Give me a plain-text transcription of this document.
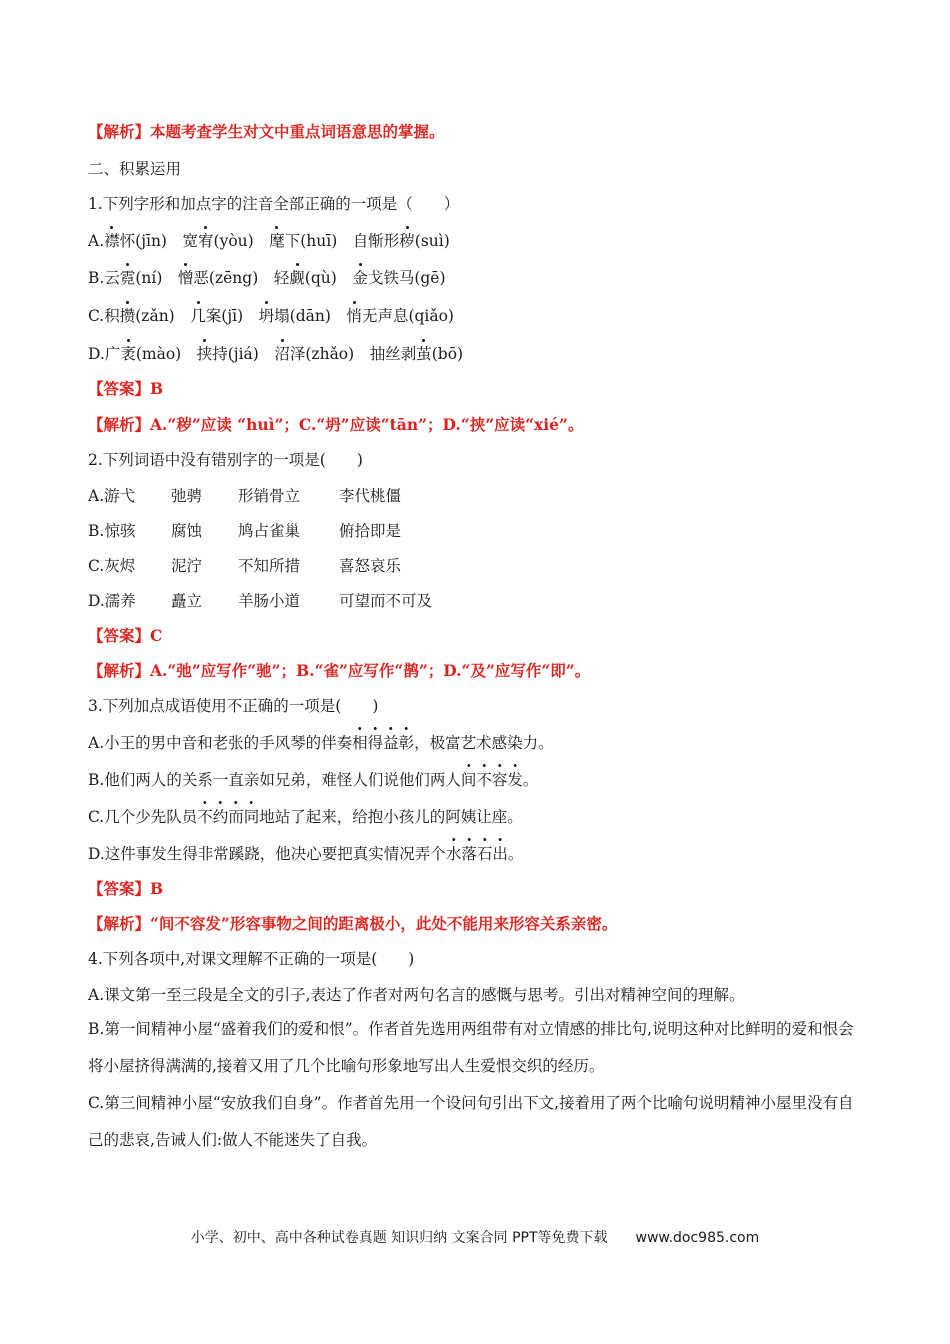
【解析】本题考查学生对文中重点词语意思的掌握。
二、积累运用
1.下列字形和加点字的注音全部正确的一项是（　　）
A.襟怀(jīn)　宽宥(yòu)　 麾下(huī)　自惭形秽(suì)
B.云霓(ní)　 憎恶(zēng)　轻觑(qù)　 金戈铁马(gē)
C.积攒(zǎn)　 几案(jī)　 坍塌(dān)　 悄无声息(qiǎo)
D.广袤(mào)　 挟持(jiá)　 沼泽(zhǎo)　抽丝剥茧(bō)
【答案】B
【解析】A.“秽”应读 “huì”；C.“坍”应读“tān”；D.“挟”应读“xié”。
2.下列词语中没有错别字的一项是(　　)
A.游弋 弛骋 形销骨立	李代桃僵
B.惊骇 腐蚀 鸠占雀巢	俯拾即是
C.灰烬 泥泞 不知所措	喜怒哀乐
D.濡养 矗立 羊肠小道	可望而不可及
【答案】C
【解析】A.“弛”应写作“驰”；B.“雀”应写作“鹊”；D.“及”应写作“即”。
3.下列加点成语使用不正确的一项是(　　)
A.小王的男中音和老张的手风琴的伴奏相得益彰，极富艺术感染力。
B.他们两人的关系一直亲如兄弟，难怪人们说他们两人间不容发。
C.几个少先队员不约而同地站了起来，给抱小孩儿的阿姨让座。
D.这件事发生得非常蹊跷，他决心要把真实情况弄个水落石出。
【答案】B
【解析】“间不容发”形容事物之间的距离极小，此处不能用来形容关系亲密。
4.下列各项中,对课文理解不正确的一项是(　　)
A.课文第一至三段是全文的引子,表达了作者对两句名言的感慨与思考。引出对精神空间的理解。
B.第一间精神小屋“盛着我们的爱和恨”。作者首先选用两组带有对立情感的排比句,说明这种对比鲜明的爱和恨会将小屋挤得满满的,接着又用了几个比喻句形象地写出人生爱恨交织的经历。
C.第三间精神小屋“安放我们自身”。作者首先用一个设问句引出下文,接着用了两个比喻句说明精神小屋里没有自己的悲哀,告诫人们:做人不能迷失了自我。
小学、初中、高中各种试卷真题 知识归纳 文案合同 PPT等免费下载　　www.doc985.com
